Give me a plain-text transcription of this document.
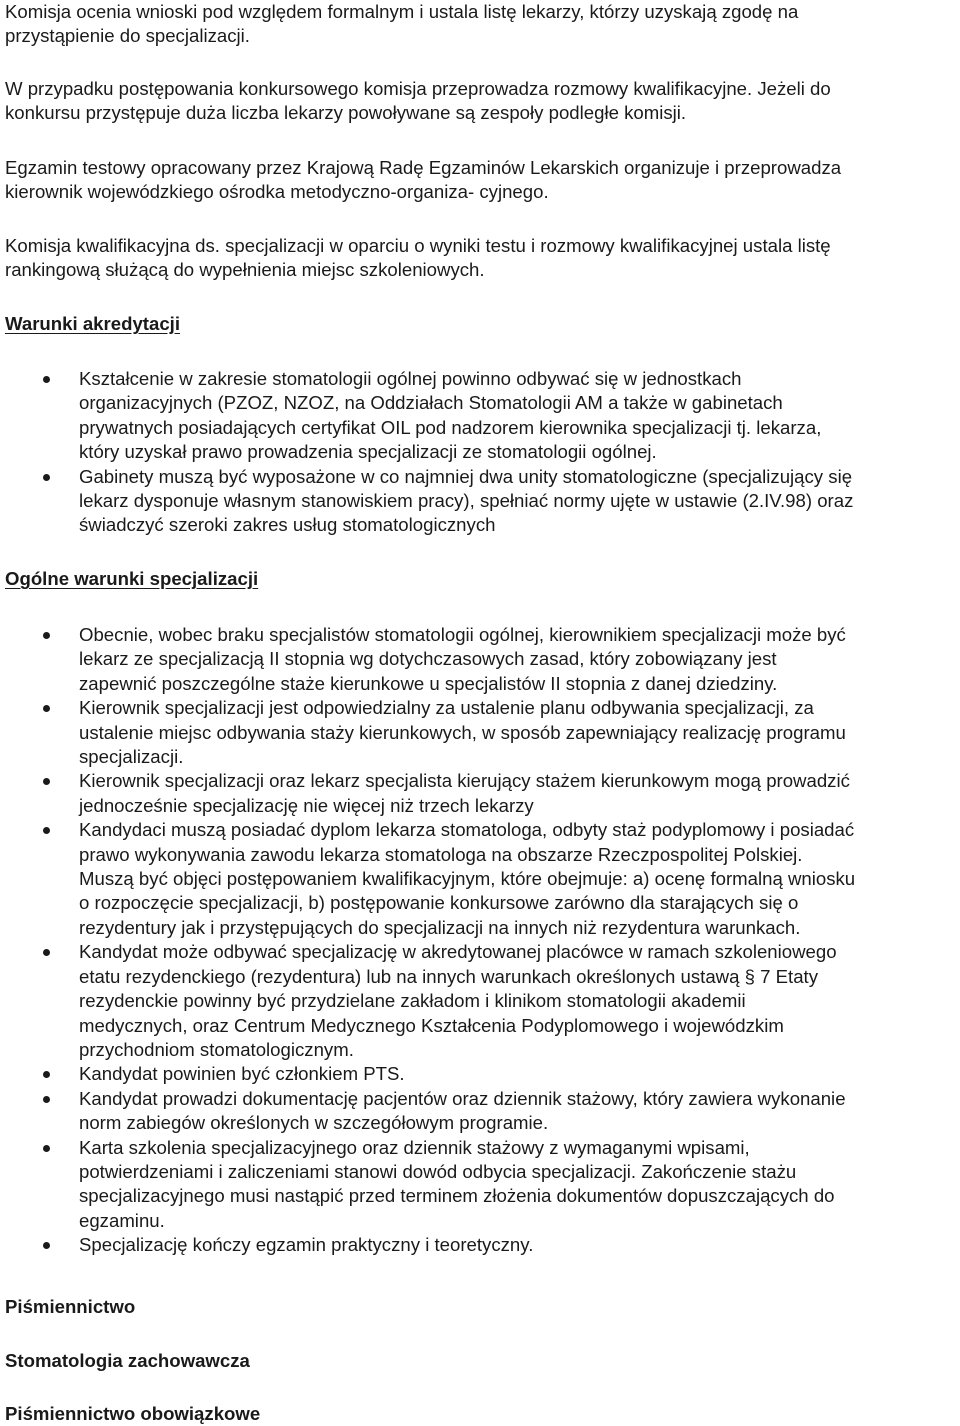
Komisja ocenia wnioski pod względem formalnym i ustala listę lekarzy, którzy uzyskają zgodę na
przystąpienie do specjalizacji.

W przypadku postępowania konkursowego komisja przeprowadza rozmowy kwalifikacyjne. Jeżeli do
konkursu przystępuje duża liczba lekarzy powoływane są zespoły podległe komisji.

Egzamin testowy opracowany przez Krajową Radę Egzaminów Lekarskich organizuje i przeprowadza
kierownik wojewódzkiego ośrodka metodyczno-organiza- cyjnego.

Komisja kwalifikacyjna ds. specjalizacji w oparciu o wyniki testu i rozmowy kwalifikacyjnej ustala listę
rankingową służącą do wypełnienia miejsc szkoleniowych.

Warunki akredytacji
Kształcenie w zakresie stomatologii ogólnej powinno odbywać się w jednostkach
organizacyjnych (PZOZ, NZOZ, na Oddziałach Stomatologii AM a także w gabinetach
prywatnych posiadających certyfikat OIL pod nadzorem kierownika specjalizacji tj. lekarza,
który uzyskał prawo prowadzenia specjalizacji ze stomatologii ogólnej.
Gabinety muszą być wyposażone w co najmniej dwa unity stomatologiczne (specjalizujący się
lekarz dysponuje własnym stanowiskiem pracy), spełniać normy ujęte w ustawie (2.IV.98) oraz
świadczyć szeroki zakres usług stomatologicznych
Ogólne warunki specjalizacji
Obecnie, wobec braku specjalistów stomatologii ogólnej, kierownikiem specjalizacji może być
lekarz ze specjalizacją II stopnia wg dotychczasowych zasad, który zobowiązany jest
zapewnić poszczególne staże kierunkowe u specjalistów II stopnia z danej dziedziny.
Kierownik specjalizacji jest odpowiedzialny za ustalenie planu odbywania specjalizacji, za
ustalenie miejsc odbywania staży kierunkowych, w sposób zapewniający realizację programu
specjalizacji.
Kierownik specjalizacji oraz lekarz specjalista kierujący stażem kierunkowym mogą prowadzić
jednocześnie specjalizację nie więcej niż trzech lekarzy
Kandydaci muszą posiadać dyplom lekarza stomatologa, odbyty staż podyplomowy i posiadać
prawo wykonywania zawodu lekarza stomatologa na obszarze Rzeczpospolitej Polskiej.
Muszą być objęci postępowaniem kwalifikacyjnym, które obejmuje: a) ocenę formalną wniosku
o rozpoczęcie specjalizacji, b) postępowanie konkursowe zarówno dla starających się o
rezydentury jak i przystępujących do specjalizacji na innych niż rezydentura warunkach.
Kandydat może odbywać specjalizację w akredytowanej placówce w ramach szkoleniowego
etatu rezydenckiego (rezydentura) lub na innych warunkach określonych ustawą § 7 Etaty
rezydenckie powinny być przydzielane zakładom i klinikom stomatologii akademii
medycznych, oraz Centrum Medycznego Kształcenia Podyplomowego i wojewódzkim
przychodniom stomatologicznym.
Kandydat powinien być członkiem PTS.
Kandydat prowadzi dokumentację pacjentów oraz dziennik stażowy, który zawiera wykonanie
norm zabiegów określonych w szczegółowym programie.
Karta szkolenia specjalizacyjnego oraz dziennik stażowy z wymaganymi wpisami,
potwierdzeniami i zaliczeniami stanowi dowód odbycia specjalizacji. Zakończenie stażu
specjalizacyjnego musi nastąpić przed terminem złożenia dokumentów dopuszczających do
egzaminu.
Specjalizację kończy egzamin praktyczny i teoretyczny.
Piśmiennictwo
Stomatologia zachowawcza
Piśmiennictwo obowiązkowe
